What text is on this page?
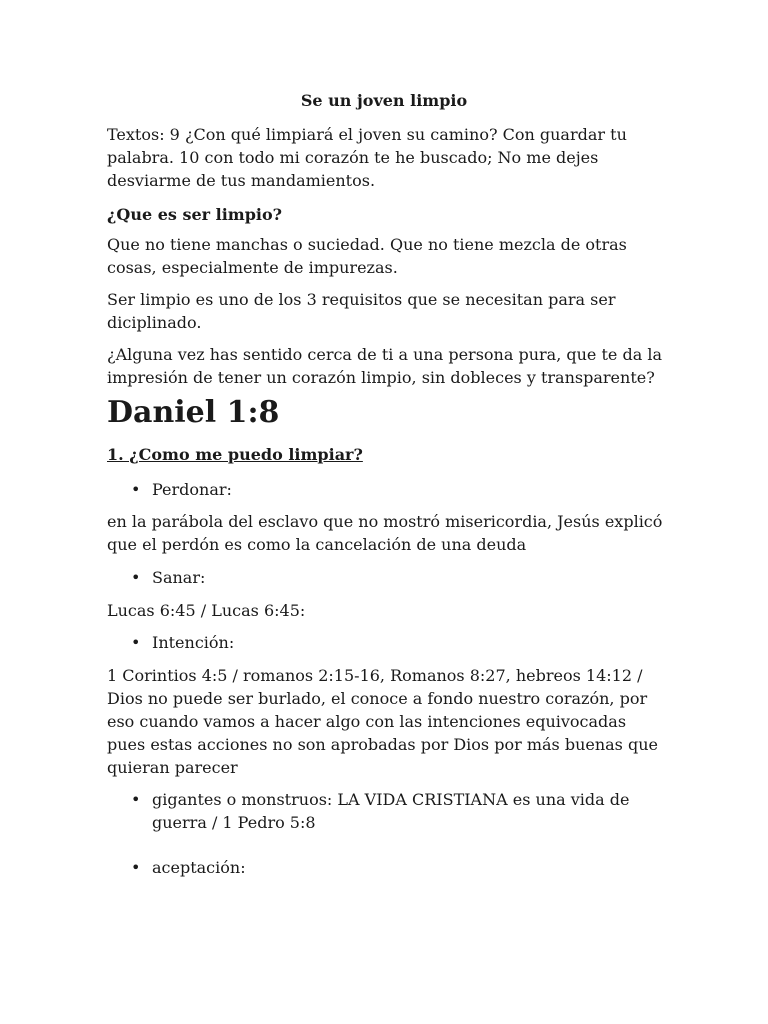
Se un joven limpio

Textos: 9 ¿Con qué limpiará el joven su camino? Con guardar tu palabra. 10 con todo mi corazón te he buscado; No me dejes desviarme de tus mandamientos.

¿Que es ser limpio?

Que no tiene manchas o suciedad. Que no tiene mezcla de otras cosas, especialmente de impurezas.

Ser limpio es uno de los 3 requisitos que se necesitan para ser diciplinado.

¿Alguna vez has sentido cerca de ti a una persona pura, que te da la impresión de tener un corazón limpio, sin dobleces y transparente?

Daniel 1:8

1. ¿Como me puedo limpiar?

• Perdonar:

en la parábola del esclavo que no mostró misericordia, Jesús explicó que el perdón es como la cancelación de una deuda

• Sanar:

Lucas 6:45 / Lucas 6:45:

• Intención:

1 Corintios 4:5 / romanos 2:15-16, Romanos 8:27, hebreos 14:12 / Dios no puede ser burlado, el conoce a fondo nuestro corazón, por eso cuando vamos a hacer algo con las intenciones equivocadas pues estas acciones no son aprobadas por Dios por más buenas que quieran parecer

• gigantes o monstruos: LA VIDA CRISTIANA es una vida de guerra / 1 Pedro 5:8

• aceptación:
